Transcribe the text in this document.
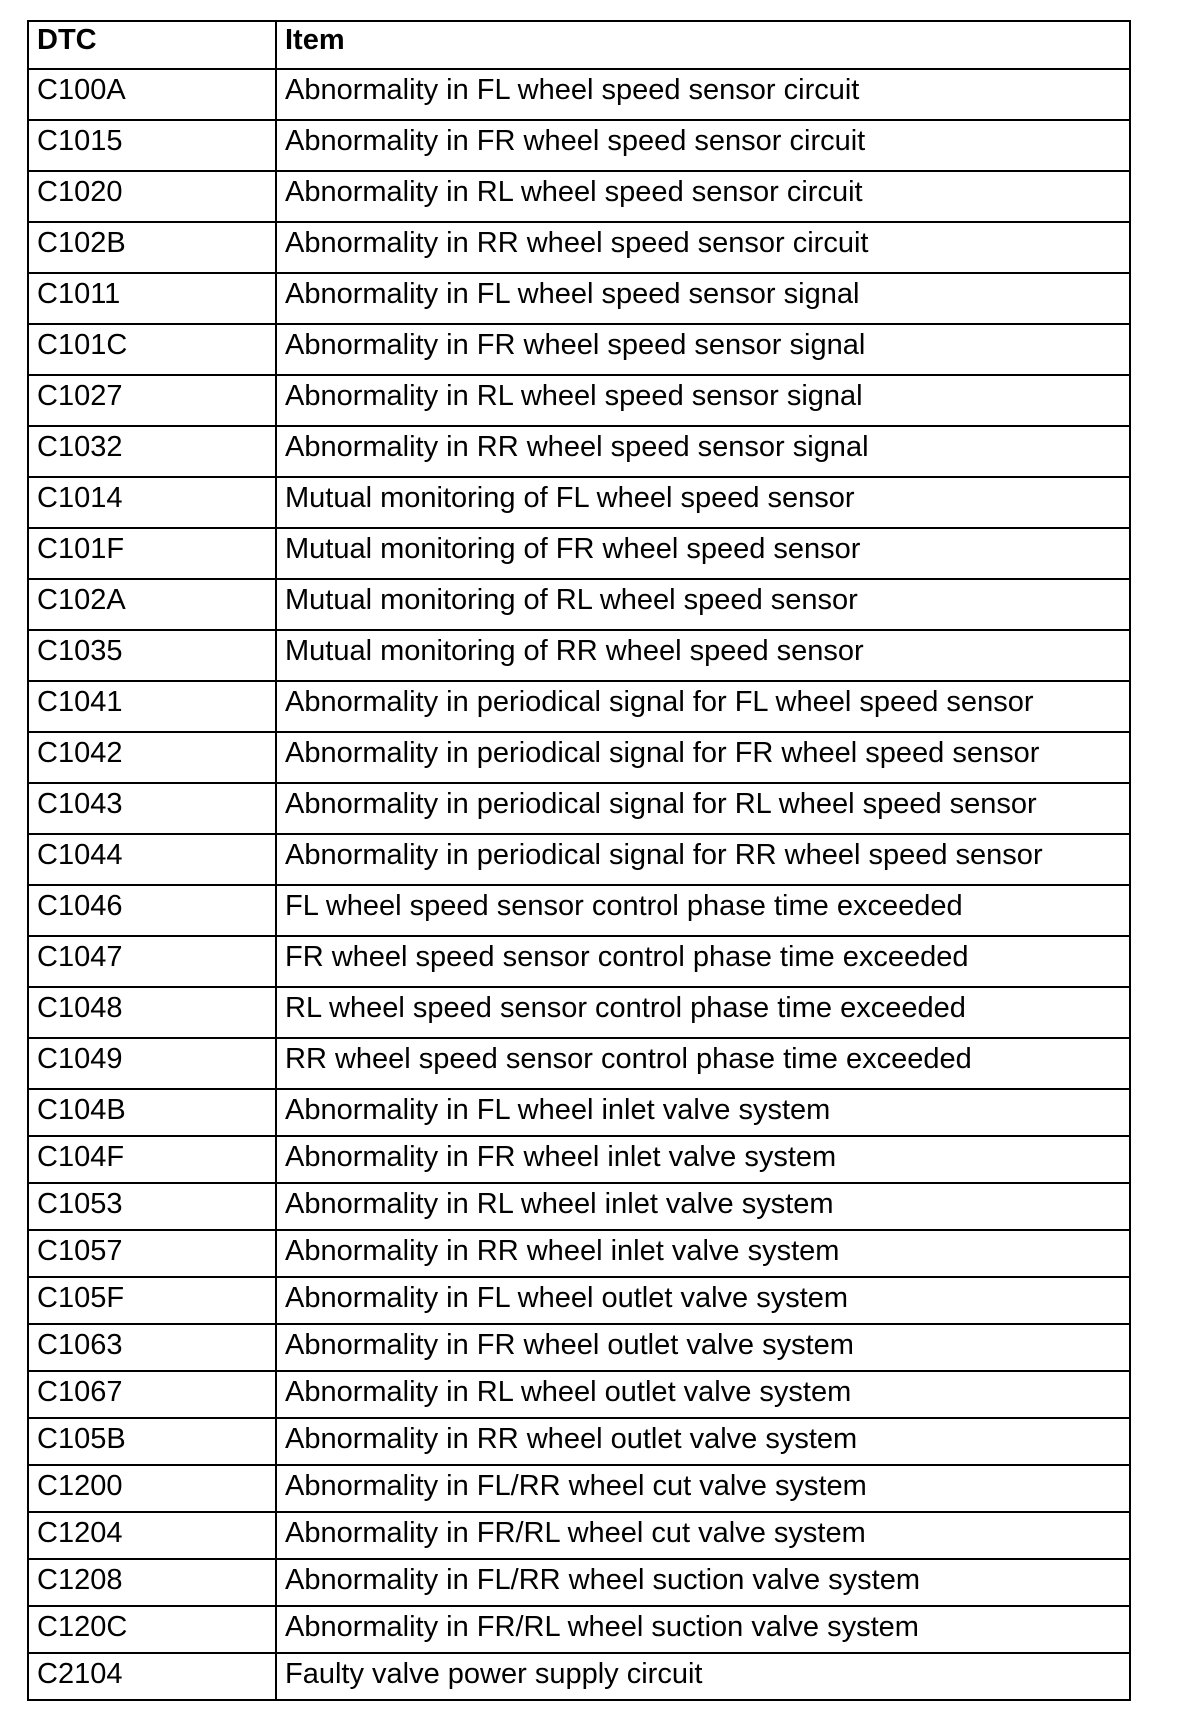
DTC	Item
C100A	Abnormality in FL wheel speed sensor circuit
C1015	Abnormality in FR wheel speed sensor circuit
C1020	Abnormality in RL wheel speed sensor circuit
C102B	Abnormality in RR wheel speed sensor circuit
C1011	Abnormality in FL wheel speed sensor signal
C101C	Abnormality in FR wheel speed sensor signal
C1027	Abnormality in RL wheel speed sensor signal
C1032	Abnormality in RR wheel speed sensor signal
C1014	Mutual monitoring of FL wheel speed sensor
C101F	Mutual monitoring of FR wheel speed sensor
C102A	Mutual monitoring of RL wheel speed sensor
C1035	Mutual monitoring of RR wheel speed sensor
C1041	Abnormality in periodical signal for FL wheel speed sensor
C1042	Abnormality in periodical signal for FR wheel speed sensor
C1043	Abnormality in periodical signal for RL wheel speed sensor
C1044	Abnormality in periodical signal for RR wheel speed sensor
C1046	FL wheel speed sensor control phase time exceeded
C1047	FR wheel speed sensor control phase time exceeded
C1048	RL wheel speed sensor control phase time exceeded
C1049	RR wheel speed sensor control phase time exceeded
C104B	Abnormality in FL wheel inlet valve system
C104F	Abnormality in FR wheel inlet valve system
C1053	Abnormality in RL wheel inlet valve system
C1057	Abnormality in RR wheel inlet valve system
C105F	Abnormality in FL wheel outlet valve system
C1063	Abnormality in FR wheel outlet valve system
C1067	Abnormality in RL wheel outlet valve system
C105B	Abnormality in RR wheel outlet valve system
C1200	Abnormality in FL/RR wheel cut valve system
C1204	Abnormality in FR/RL wheel cut valve system
C1208	Abnormality in FL/RR wheel suction valve system
C120C	Abnormality in FR/RL wheel suction valve system
C2104	Faulty valve power supply circuit
